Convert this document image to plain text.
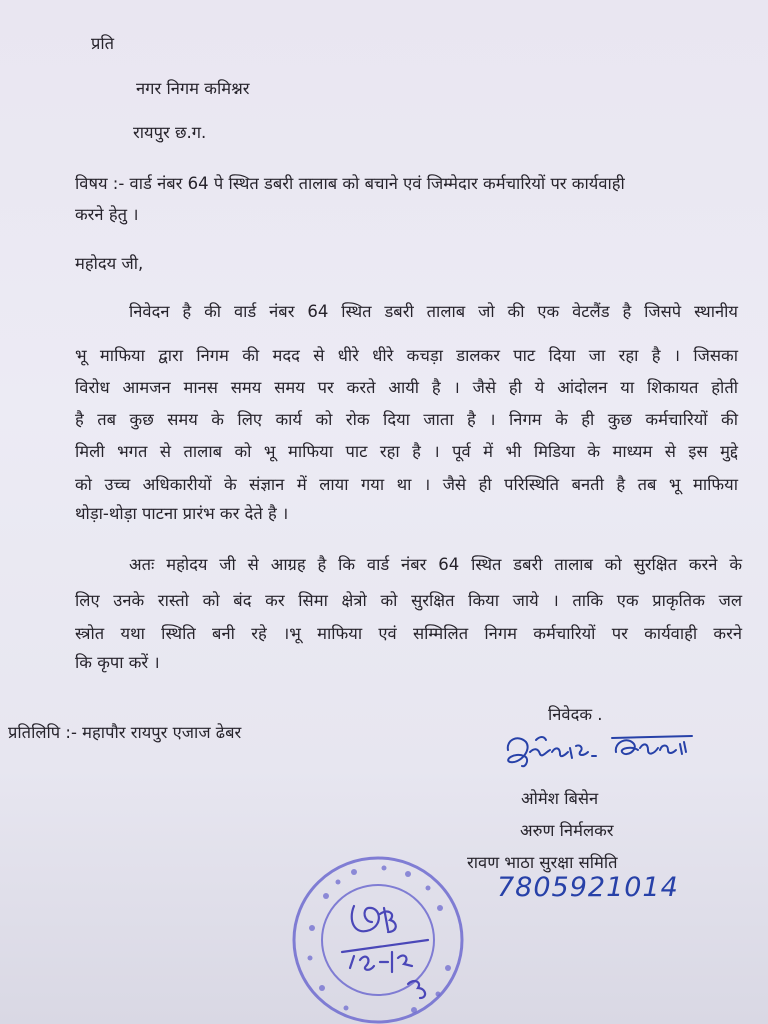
प्रति
नगर निगम कमिश्नर
रायपुर छ.ग.
विषय :- वार्ड नंबर 64 पे स्थित डबरी तालाब को बचाने एवं जिम्मेदार कर्मचारियों पर कार्यवाही
करने हेतु ।
महोदय जी,
निवेदन है की वार्ड नंबर 64 स्थित डबरी तालाब जो की एक वेटलैंड है जिसपे स्थानीय
भू माफिया द्वारा निगम की मदद से धीरे धीरे कचड़ा डालकर पाट दिया जा रहा है । जिसका
विरोध आमजन मानस समय समय पर करते आयी है । जैसे ही ये आंदोलन या शिकायत होती
है तब कुछ समय के लिए कार्य को रोक दिया जाता है । निगम के ही कुछ कर्मचारियों की
मिली भगत से तालाब को भू माफिया पाट रहा है । पूर्व में भी मिडिया के माध्यम से इस मुद्दे
को उच्च अधिकारीयों के संज्ञान में लाया गया था । जैसे ही परिस्थिति बनती है तब भू माफिया
थोड़ा-थोड़ा पाटना प्रारंभ कर देते है ।
अतः महोदय जी से आग्रह है कि वार्ड नंबर 64 स्थित डबरी तालाब को सुरक्षित करने के
लिए उनके रास्तो को बंद कर सिमा क्षेत्रो को सुरक्षित किया जाये । ताकि एक प्राकृतिक जल
स्त्रोत यथा स्थिति बनी रहे ।भू माफिया एवं सम्मिलित निगम कर्मचारियों पर कार्यवाही करने
कि कृपा करें ।
निवेदक .
प्रतिलिपि :- महापौर रायपुर एजाज ढेबर
ओमेश बिसेन
अरुण निर्मलकर
रावण भाठा सुरक्षा समिति
7805921014
